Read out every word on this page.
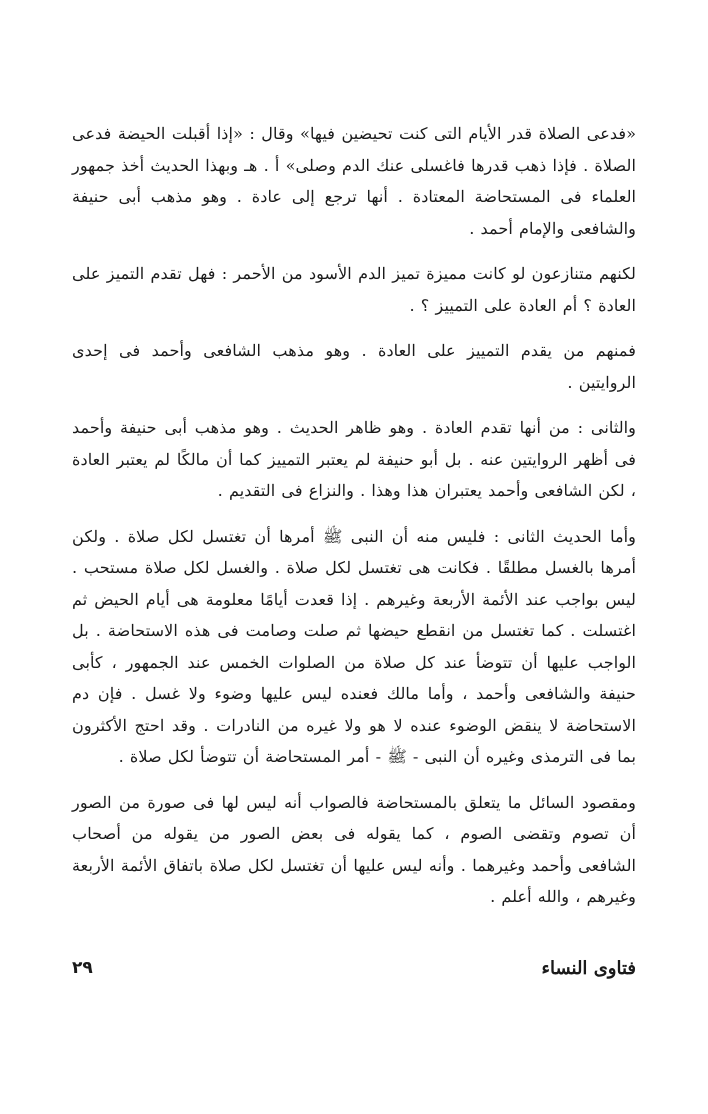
«فدعى الصلاة قدر الأيام التى كنت تحيضين فيها» وقال : «إذا أقبلت الحيضة فدعى الصلاة . فإذا ذهب قدرها فاغسلى عنك الدم وصلى» أ . هـ وبهذا الحديث أخذ جمهور العلماء فى المستحاضة المعتادة . أنها ترجع إلى عادة . وهو مذهب أبى حنيفة والشافعى والإمام أحمد .

لكنهم متنازعون لو كانت مميزة تميز الدم الأسود من الأحمر : فهل تقدم التميز على العادة ؟ أم العادة على التمييز ؟ .

فمنهم من يقدم التمييز على العادة . وهو مذهب الشافعى وأحمد فى إحدى الروايتين .

والثانى : من أنها تقدم العادة . وهو ظاهر الحديث . وهو مذهب أبى حنيفة وأحمد فى أظهر الروايتين عنه . بل أبو حنيفة لم يعتبر التمييز كما أن مالكًا لم يعتبر العادة ، لكن الشافعى وأحمد يعتبران هذا وهذا . والنزاع فى التقديم .

وأما الحديث الثانى : فليس منه أن النبى ﷺ أمرها أن تغتسل لكل صلاة . ولكن أمرها بالغسل مطلقًا . فكانت هى تغتسل لكل صلاة . والغسل لكل صلاة مستحب . ليس بواجب عند الأئمة الأربعة وغيرهم . إذا قعدت أيامًا معلومة هى أيام الحيض ثم اغتسلت . كما تغتسل من انقطع حيضها ثم صلت وصامت فى هذه الاستحاضة . بل الواجب عليها أن تتوضأ عند كل صلاة من الصلوات الخمس عند الجمهور ، كأبى حنيفة والشافعى وأحمد ، وأما مالك فعنده ليس عليها وضوء ولا غسل . فإن دم الاستحاضة لا ينقض الوضوء عنده لا هو ولا غيره من النادرات . وقد احتج الأكثرون بما فى الترمذى وغيره أن النبى - ﷺ - أمر المستحاضة أن تتوضأ لكل صلاة .

ومقصود السائل ما يتعلق بالمستحاضة فالصواب أنه ليس لها فى صورة من الصور أن تصوم وتقضى الصوم ، كما يقوله فى بعض الصور من يقوله من أصحاب الشافعى وأحمد وغيرهما . وأنه ليس عليها أن تغتسل لكل صلاة باتفاق الأئمة الأربعة وغيرهم ، والله أعلم .

فتاوى النساء
٢٩
